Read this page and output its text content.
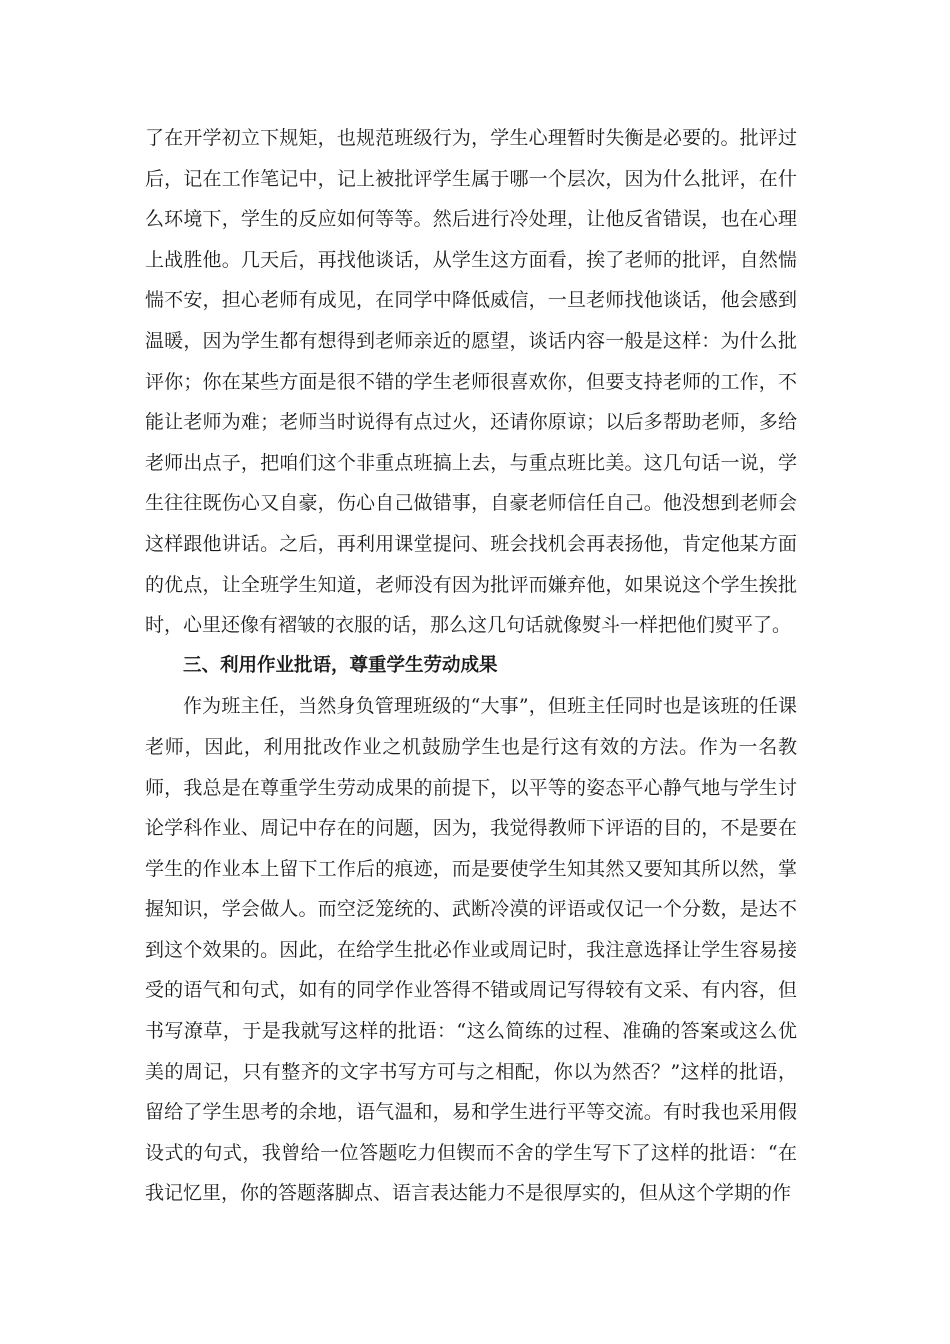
了在开学初立下规矩，也规范班级行为，学生心理暂时失衡是必要的。批评过后，记在工作笔记中，记上被批评学生属于哪一个层次，因为什么批评，在什么环境下，学生的反应如何等等。然后进行冷处理，让他反省错误，也在心理上战胜他。几天后，再找他谈话，从学生这方面看，挨了老师的批评，自然惴惴不安，担心老师有成见，在同学中降低威信，一旦老师找他谈话，他会感到温暖，因为学生都有想得到老师亲近的愿望，谈话内容一般是这样：为什么批评你；你在某些方面是很不错的学生老师很喜欢你，但要支持老师的工作，不能让老师为难；老师当时说得有点过火，还请你原谅；以后多帮助老师，多给老师出点子，把咱们这个非重点班搞上去，与重点班比美。这几句话一说，学生往往既伤心又自豪，伤心自己做错事，自豪老师信任自己。他没想到老师会这样跟他讲话。之后，再利用课堂提问、班会找机会再表扬他，肯定他某方面的优点，让全班学生知道，老师没有因为批评而嫌弃他，如果说这个学生挨批时，心里还像有褶皱的衣服的话，那么这几句话就像熨斗一样把他们熨平了。

三、利用作业批语，尊重学生劳动成果

作为班主任，当然身负管理班级的“大事”，但班主任同时也是该班的任课老师，因此，利用批改作业之机鼓励学生也是行这有效的方法。作为一名教师，我总是在尊重学生劳动成果的前提下，以平等的姿态平心静气地与学生讨论学科作业、周记中存在的问题，因为，我觉得教师下评语的目的，不是要在学生的作业本上留下工作后的痕迹，而是要使学生知其然又要知其所以然，掌握知识，学会做人。而空泛笼统的、武断冷漠的评语或仅记一个分数，是达不到这个效果的。因此，在给学生批必作业或周记时，我注意选择让学生容易接受的语气和句式，如有的同学作业答得不错或周记写得较有文采、有内容，但书写潦草，于是我就写这样的批语：“这么简练的过程、准确的答案或这么优美的周记，只有整齐的文字书写方可与之相配，你以为然否？”这样的批语，留给了学生思考的余地，语气温和，易和学生进行平等交流。有时我也采用假设式的句式，我曾给一位答题吃力但锲而不舍的学生写下了这样的批语：“在我记忆里，你的答题落脚点、语言表达能力不是很厚实的，但从这个学期的作
